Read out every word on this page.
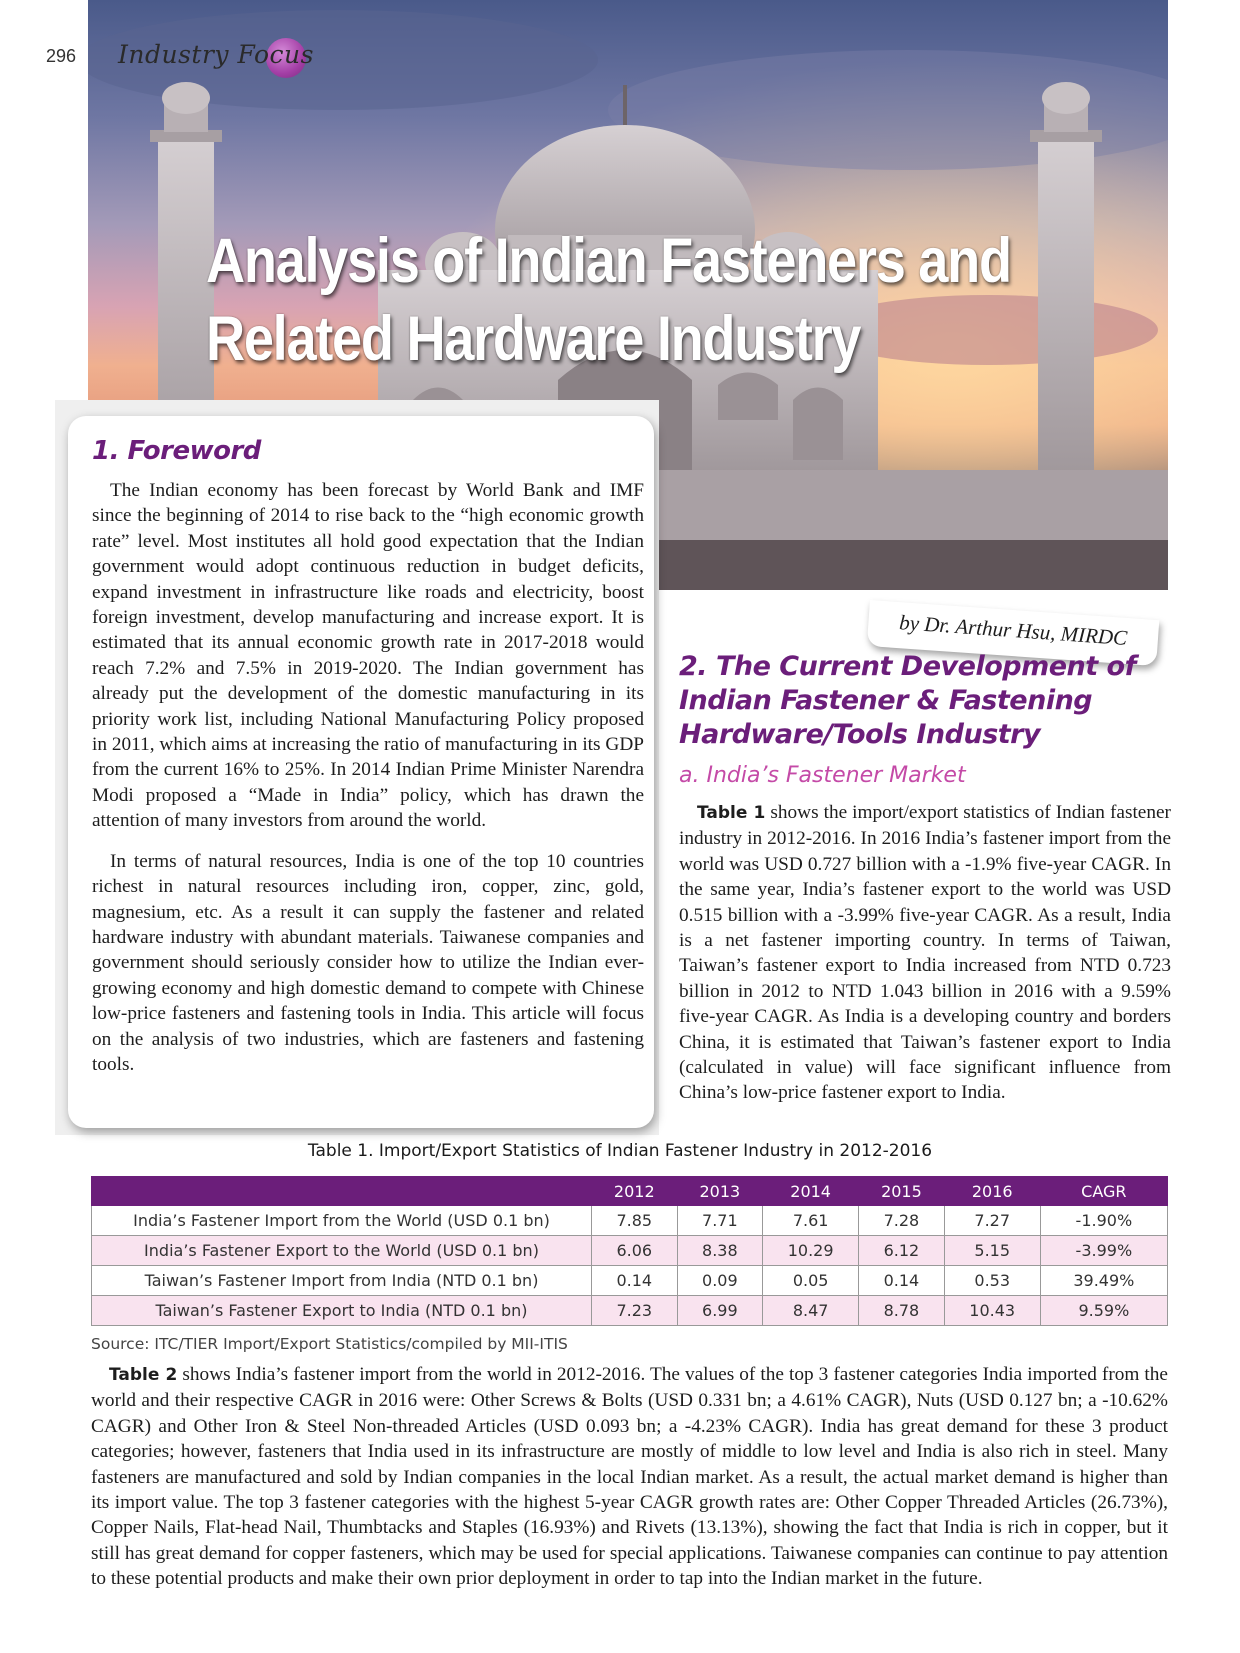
296 Industry Focus
Analysis of Indian Fasteners and
Related Hardware Industry
1. Foreword

The Indian economy has been forecast by World Bank and IMF since the beginning of 2014 to rise back to the “high economic growth rate” level. Most institutes all hold good expectation that the Indian government would adopt continuous reduction in budget deficits, expand investment in infrastructure like roads and electricity, boost foreign investment, develop manufacturing and increase export. It is estimated that its annual economic growth rate in 2017-2018 would reach 7.2% and 7.5% in 2019-2020. The Indian government has already put the development of the domestic manufacturing in its priority work list, including National Manufacturing Policy proposed in 2011, which aims at increasing the ratio of manufacturing in its GDP from the current 16% to 25%. In 2014 Indian Prime Minister Narendra Modi proposed a “Made in India” policy, which has drawn the attention of many investors from around the world.

In terms of natural resources, India is one of the top 10 countries richest in natural resources including iron, copper, zinc, gold, magnesium, etc. As a result it can supply the fastener and related hardware industry with abundant materials. Taiwanese companies and government should seriously consider how to utilize the Indian ever-growing economy and high domestic demand to compete with Chinese low-price fasteners and fastening tools in India. This article will focus on the analysis of two industries, which are fasteners and fastening tools.

by Dr. Arthur Hsu, MIRDC
2. The Current Development of Indian Fastener & Fastening Hardware/Tools Industry
a. India’s Fastener Market

Table 1 shows the import/export statistics of Indian fastener industry in 2012-2016. In 2016 India’s fastener import from the world was USD 0.727 billion with a -1.9% five-year CAGR. In the same year, India’s fastener export to the world was USD 0.515 billion with a -3.99% five-year CAGR. As a result, India is a net fastener importing country. In terms of Taiwan, Taiwan’s fastener export to India increased from NTD 0.723 billion in 2012 to NTD 1.043 billion in 2016 with a 9.59% five-year CAGR. As India is a developing country and borders China, it is estimated that Taiwan’s fastener export to India (calculated in value) will face significant influence from China’s low-price fastener export to India.

Table 1. Import/Export Statistics of Indian Fastener Industry in 2012-2016
	2012	2013	2014	2015	2016	CAGR
India’s Fastener Import from the World (USD 0.1 bn)	7.85	7.71	7.61	7.28	7.27	-1.90%
India’s Fastener Export to the World (USD 0.1 bn)	6.06	8.38	10.29	6.12	5.15	-3.99%
Taiwan’s Fastener Import from India (NTD 0.1 bn)	0.14	0.09	0.05	0.14	0.53	39.49%
Taiwan’s Fastener Export to India (NTD 0.1 bn)	7.23	6.99	8.47	8.78	10.43	9.59%
Source: ITC/TIER Import/Export Statistics/compiled by MII-ITIS

Table 2 shows India’s fastener import from the world in 2012-2016. The values of the top 3 fastener categories India imported from the world and their respective CAGR in 2016 were: Other Screws & Bolts (USD 0.331 bn; a 4.61% CAGR), Nuts (USD 0.127 bn; a -10.62% CAGR) and Other Iron & Steel Non-threaded Articles (USD 0.093 bn; a -4.23% CAGR). India has great demand for these 3 product categories; however, fasteners that India used in its infrastructure are mostly of middle to low level and India is also rich in steel. Many fasteners are manufactured and sold by Indian companies in the local Indian market. As a result, the actual market demand is higher than its import value. The top 3 fastener categories with the highest 5-year CAGR growth rates are: Other Copper Threaded Articles (26.73%), Copper Nails, Flat-head Nail, Thumbtacks and Staples (16.93%) and Rivets (13.13%), showing the fact that India is rich in copper, but it still has great demand for copper fasteners, which may be used for special applications. Taiwanese companies can continue to pay attention to these potential products and make their own prior deployment in order to tap into the Indian market in the future.
